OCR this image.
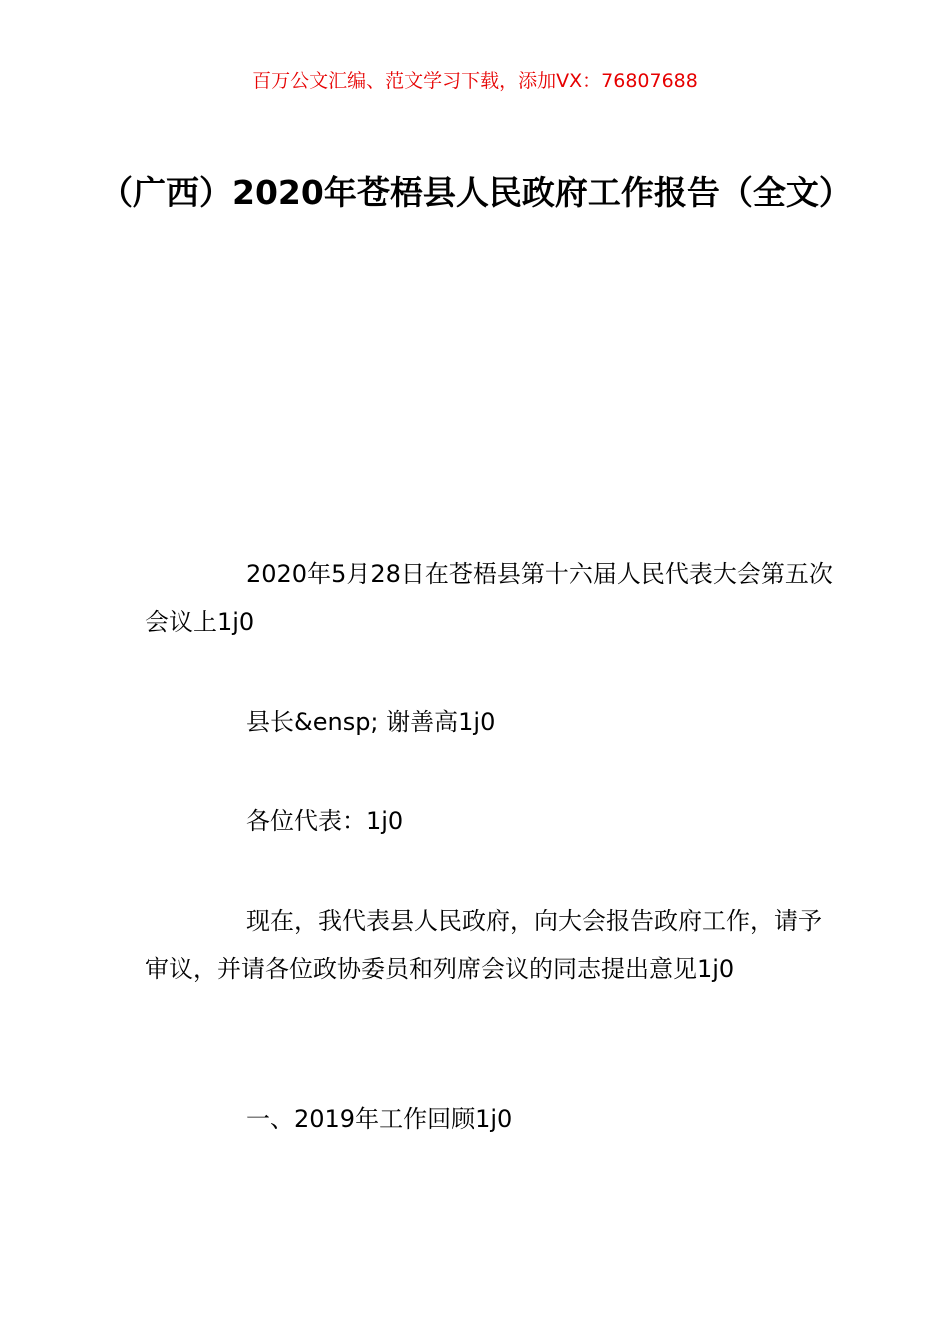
百万公文汇编、范文学习下载，添加VX：76807688
（广西）2020年苍梧县人民政府工作报告（全文）

2020年5月28日在苍梧县第十六届人民代表大会第五次会议上1j0

县长&ensp; 谢善高1j0

各位代表：1j0

现在，我代表县人民政府，向大会报告政府工作，请予审议，并请各位政协委员和列席会议的同志提出意见1j0

一、2019年工作回顾1j0
